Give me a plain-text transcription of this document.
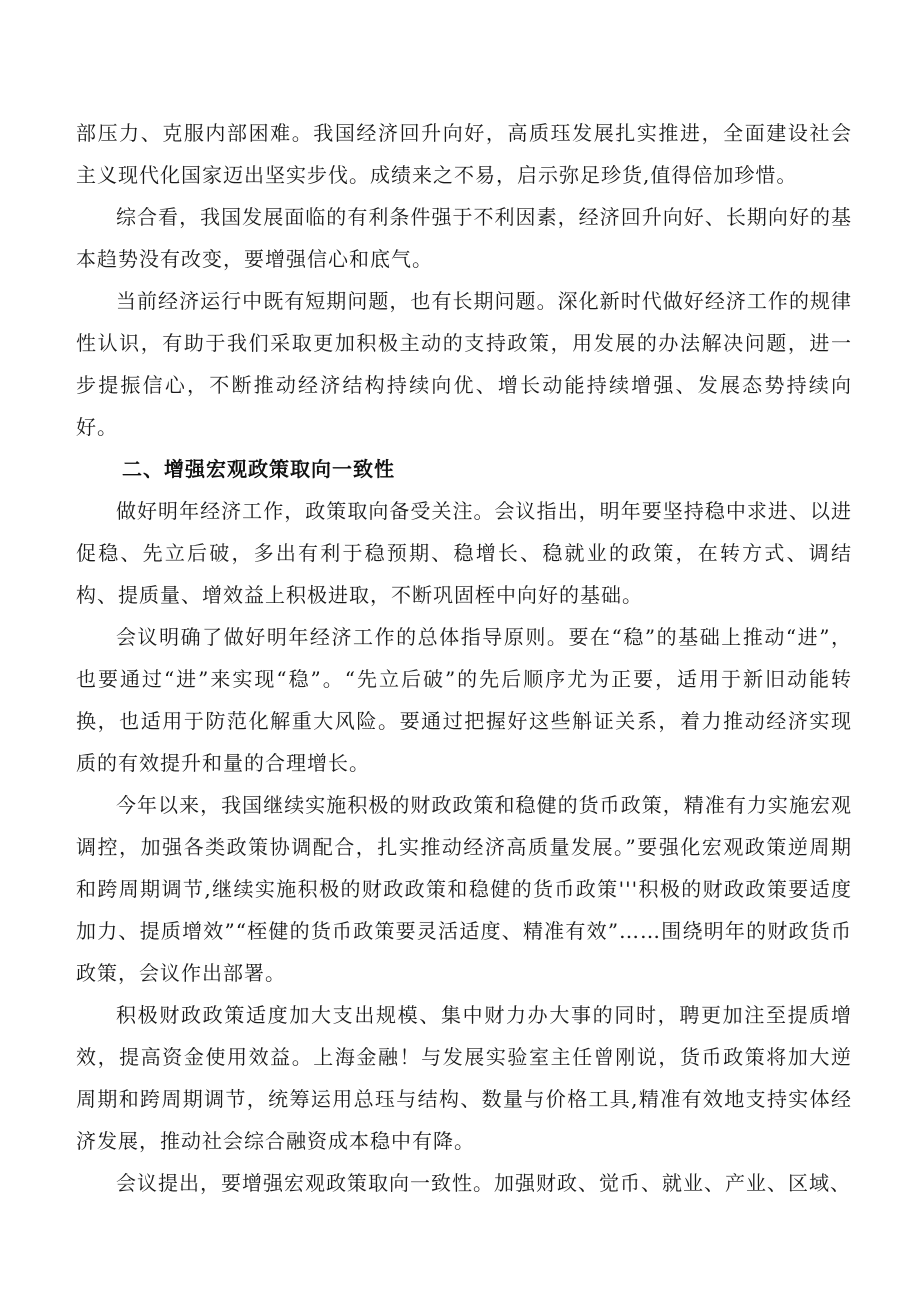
部压力、克服内部困难。我国经济回升向好，高质珏发展扎实推进，全面建设社会主义现代化国家迈出坚实步伐。成绩来之不易，启示弥足珍货,值得倍加珍惜。

综合看，我国发展面临的有利条件强于不利因素，经济回升向好、长期向好的基本趋势没有改变，要增强信心和底气。

当前经济运行中既有短期问题，也有长期问题。深化新时代做好经济工作的规律性认识，有助于我们采取更加积极主动的支持政策，用发展的办法解决问题，进一步提振信心，不断推动经济结构持续向优、增长动能持续增强、发展态势持续向好。

二、增强宏观政策取向一致性

做好明年经济工作，政策取向备受关注。会议指出，明年要坚持稳中求进、以进促稳、先立后破，多出有利于稳预期、稳增长、稳就业的政策，在转方式、调结构、提质量、增效益上积极进取，不断巩固桎中向好的基础。

会议明确了做好明年经济工作的总体指导原则。要在“稳”的基础上推动“进”，也要通过“进”来实现“稳”。“先立后破”的先后顺序尤为正要，适用于新旧动能转换，也适用于防范化解重大风险。要通过把握好这些斛证关系，着力推动经济实现质的有效提升和量的合理增长。

今年以来，我国继续实施积极的财政政策和稳健的货币政策，精准有力实施宏观调控，加强各类政策协调配合，扎实推动经济高质量发展。”要强化宏观政策逆周期和跨周期调节,继续实施积极的财政政策和稳健的货币政策'''积极的财政政策要适度加力、提质增效”“桎健的货币政策要灵活适度、精准有效”……围绕明年的财政货币政策，会议作出部署。

积极财政政策适度加大支出规模、集中财力办大事的同时，聘更加注至提质增效，提高资金使用效益。上海金融！与发展实验室主任曾刚说，货币政策将加大逆周期和跨周期调节，统筹运用总珏与结构、数量与价格工具,精准有效地支持实体经济发展，推动社会综合融资成本稳中有降。

会议提出，要增强宏观政策取向一致性。加强财政、觉币、就业、产业、区域、
